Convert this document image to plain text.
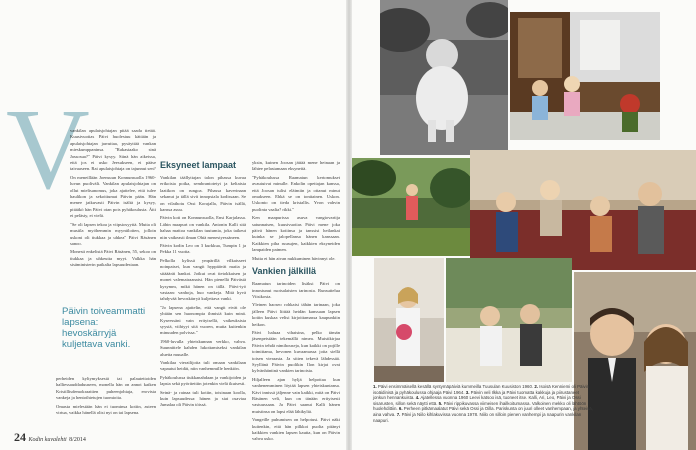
V

vankilan apulaisjohtajan pitää saada tietää. Kuusivuotias Päivi huolestuu kättään ja apulaisjohtajan jarruttaa, pysäyttää vankan mieskumppaninsa. "Rakastaako sinä Jassosua?" Päivi kysyy. Siinä hän aikeissa, että jos ei usko Jeesukseen, ei pääse taivaaseen. Rai apulaisjohtaja on tajunnut sen?

On meneillään Joensuun Konnunsuolla 1960-luvun puoliväli. Vankilan apulaisjohtajan on ollut mielisanomus, joka ajattelee, että tulee haulikon ja sekoittumat Päivin pään. Hän menee jatkuvasti Päivin isältä ja kysyy, pitääkö hän Päivi otan pois pyhäkoulusta. Äiti ei pelästy, ei vielä.

"Se oli lapsen tekoa ja viipsiosyyttä. Mutta oli musiila myöhemmin myyntiloiten, jolloin uskoni oli tiukkaa ja uhkea" Päivi Räsänen sanoo.

Monesti enkelistä Päivi Räsänen, 55, sekoo on tiukkaa ja uhkeutta myyt. Valkka hän sisäministerin paikalta lapsuudestaan.

Päivin toiveammatti lapsena: hevoskärryjä kuljettava vanki.

perheiden kyltymyksestä tai palautettoiden halliessauddaduuseen, monella hän on annot kaiken Kristillisdemokraattien puheenjohtaja, erovista vankeja ja hentoihtetujen tuomioita.

Omasta mielestään hän ei tuominsa kotiin, asteen virtua, vaikka hänellä olisi nyt on tai lapsena.

Eksyneet lampaat

Vankilan täällyttajan talon pihassa kuvaa erikoisia poika, sembrantotetyt ja keltaisia laatikon on rungoa. Pihassa kaverinaan sekanut ja tällä sivit innopsiala kodissaan. Se on vilathotu Ossi Korajalla, Päivin isällä, kanssa asuu.

Päivin koti on Konnunsuolla, Ensi Karjalassa. Lähin maapurt on vankila. Antonin Kalli sitä hahaa mattoa vankilan tuutumia, joka taikeut niin vaikeasti ilman Ohiä menestyessäneen.

Päivin kodin Leo on 3 kurkkua, Tumpin 1 ja Pekka 11 vuotta.

Pelkolla kylissä ympärillä vilkaisseet noinpaiset, kun vangit hyppäävät matia ja sitäääräi hankoi. Jotkut ovat tietokkaisen ja monet valemairaanaisi. Hän pienellä Päivästä kysymm, mikä hänen on tällä. Päivi-työ vastaan: vanhoja, huo vankeja. Mitä hyvä tahdyvää hevoskärryä kuljettava vanki.

"Jo lapsena ajattelin, että vangit eivät ole yhtään sen huonompia ihmisiä kuin minä. Kyseessäni vain erityisellä, vaikeuksista syystä, viihtyyi sitä vuoren, mutta kuitenkin minuuden polvissa."

1960-luvulla yhteiskunnan verkko, vahva. Suunnittele kahden lukottamiseksi vankilan aluetta muualle.

Vankilaa vierailijoita tuli omaan vankilaan vapautui heidät, niin vanhemmille henkiön.

Pyhäkoulussa tiukkanahdaan ja vankijoiden ja lapsia sekä pyöritettiin jotenkin vielä ikuisesti.

Seinä- ja rainaa tuli kotiin, toisinaan koolla, kuin lapsuudessa: hänen ja siat osavtaa Jumalaa oli Päivin töissä.

yksin, kuinen Joosan jättää mene heinaan ja lähtee pelastamaan eksyneitä.

"Pyhäkoulussa Raamatun kertomukset avautuivat minulle. Enkolin opettajan kanssa, että Joosan tulisi eläimiin ja ottanut minut omakseen. Ehkä se on tonttainen. Uskon. Uskonto on tieda kristallis. Yvon vahvin puolinta vaalia? rikki."

Ken maapurissa asuva vangiovartija satunnaisen, kuusivuotias Päivi mene joka päivä hänen kotiinsa ja tanssisi heilankai kuinka se jalopellansa hänen kanssaan. Kaikkien piha ruusujen, kaikkien eksyneiden lampaiden paimen.

Mutta ei hän aivan nukkuminen hävinnyt ole.

Vankien jälkillä

Raamatun tarinoiden lisäksi Päivi on innostunut ruotsalaisten tarinosta. Runsuttelua Viisikosta.

Yleinen haoseo rohkaisi tähän tarinaan, joka jälleen Päivi liittää heidän kanssaan lapsen kotiin kuskaa velisi kirjoittamassa kaupunkiin heikon.

Päivi haluaa vihaisina, pelko tämän jäsenpeistään tekemällä nimea. Muistikirjaa Päivin tehdä nimihouseja, kun kaikki on pojille toimittama, hevonen kuvaamassa joita siellä toisen vieraasta. Ja sitten tekevä lähdessää. Syyllänä Päivin puolikin Ilon kirjat ovat kylvänhäntinä vankien tarinoista.

Hiljalleen ajan hyljä helpottaa kun vanhenemminen löytää lapsen yhteiskuntansa. Kävi innissä jäljenne vain kaikki, mitä on Päivi Räsänen veli, kun on tänään erityisesti vastuussaan. Ja Päivi saanut Kalli hänen muistinsa on lapsi elää lähikyliä.

Vangeille puhumisen on helpotusi. Päivi näki kuitenkin, että hän pilkkoi puolta pitänyt kaikkien vankien lapsen kautta, kun on Päivin vahva usko.

24 Kodin kuvalehti 8/2014
1. Päivi ensimmäisellä kesällä syntymäpäiviä kummeilla Tuusulan Kuusiston 1960. 2. Isoisä Kenniemi oli Päivin isoäidinisä ja pyhäkoulussa ohjaaja Päivi 1964. 3. Päivin veli Ilkka ja Päivi tuomatta kakkuja ja piirustaneet jonkun hennankuista. 4. Ajatellessa vuonna 1960 Leevi katsoo isä, tuoneet itse. Kalli, Ari, Leo, Päivi ja Ossi sisarusten, sillon sekä näytti että. 5. Päivi rippikuvassa viimeisen ihailkoitumassa. Valkoinen mekko oli lähtöön huolehdittiin. 6. Perheen pitkämaalatut Päivi sekä Ossi ja Oilla. Pariskunta on juuri olleet vanhempaan, ja yhteisä, aina vahva. 7. Päivi ja Niilo kihlakuvissa vuonna 1978. Niilo on silloin pienen vanhempi ja naapurin vankilan naapuri.
